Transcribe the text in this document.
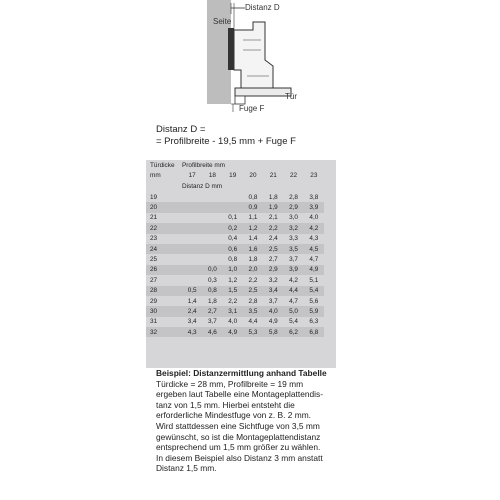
Distanz D
Seite
Tür
Fuge F
Distanz D =
= Profilbreite - 19,5 mm + Fuge F
Türdicke	Profilbreite mm						
mm	17	18	19	20	21	22	23
	Distanz D mm						
19				0,8	1,8	2,8	3,8
20				0,9	1,9	2,9	3,9
21			0,1	1,1	2,1	3,0	4,0
22			0,2	1,2	2,2	3,2	4,2
23			0,4	1,4	2,4	3,3	4,3
24			0,6	1,6	2,5	3,5	4,5
25			0,8	1,8	2,7	3,7	4,7
26		0,0	1,0	2,0	2,9	3,9	4,9
27		0,3	1,2	2,2	3,2	4,2	5,1
28	0,5	0,8	1,5	2,5	3,4	4,4	5,4
29	1,4	1,8	2,2	2,8	3,7	4,7	5,6
30	2,4	2,7	3,1	3,5	4,0	5,0	5,9
31	3,4	3,7	4,0	4,4	4,9	5,4	6,3
32	4,3	4,6	4,9	5,3	5,8	6,2	6,8
Beispiel: Distanzermittlung anhand Tabelle

Türdicke = 28 mm, Profilbreite = 19 mm

ergeben laut Tabelle eine Montageplattendis-

tanz von 1,5 mm. Hierbei entsteht die

erforderliche Mindestfuge von z. B. 2 mm.

Wird stattdessen eine Sichtfuge von 3,5 mm

gewünscht, so ist die Montageplattendistanz

entsprechend um 1,5 mm größer zu wählen.

In diesem Beispiel also Distanz 3 mm anstatt

Distanz 1,5 mm.
